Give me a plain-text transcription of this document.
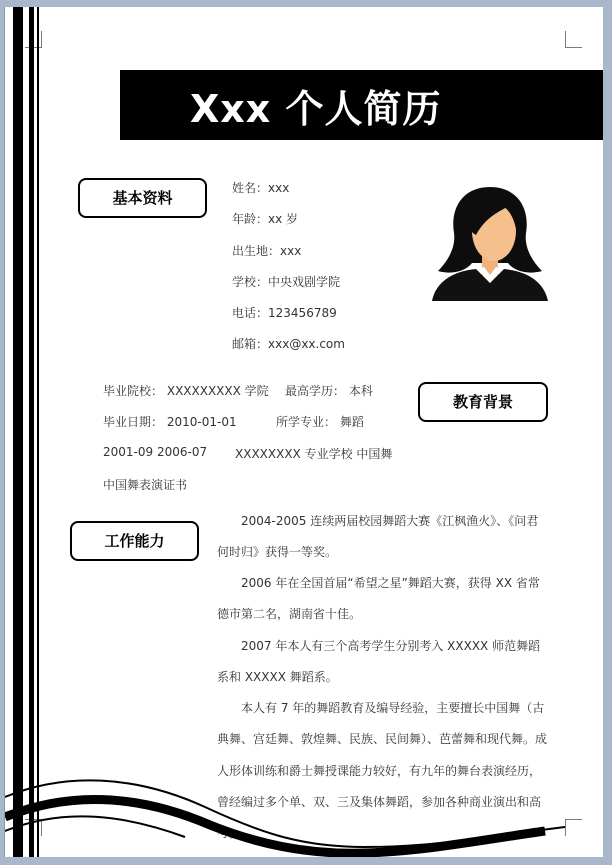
Xxx 个人简历
基本资料
姓名：xxx
年龄：xx 岁
出生地：xxx
学校：中央戏剧学院
电话：123456789
邮箱：xxx@xx.com
毕业院校： XXXXXXXXX 学院 最高学历： 本科
毕业日期： 2010-01-01	所学专业： 舞蹈
2001-09 2006-07 XXXXXXXX 专业学校 中国舞
中国舞表演证书
教育背景
工作能力

2004-2005 连续两届校园舞蹈大赛《江枫渔火》、《问君何时归》获得一等奖。

2006 年在全国首届“希望之星”舞蹈大赛，获得 XX 省常德市第二名，湖南省十佳。

2007 年本人有三个高考学生分别考入 XXXXX 师范舞蹈系和 XXXXX 舞蹈系。

本人有 7 年的舞蹈教育及编导经验，主要擅长中国舞（古典舞、宫廷舞、敦煌舞、民族、民间舞）、芭蕾舞和现代舞。成人形体训练和爵士舞授课能力较好，有九年的舞台表演经历，曾经编过多个单、双、三及集体舞蹈，参加各种商业演出和高考。
